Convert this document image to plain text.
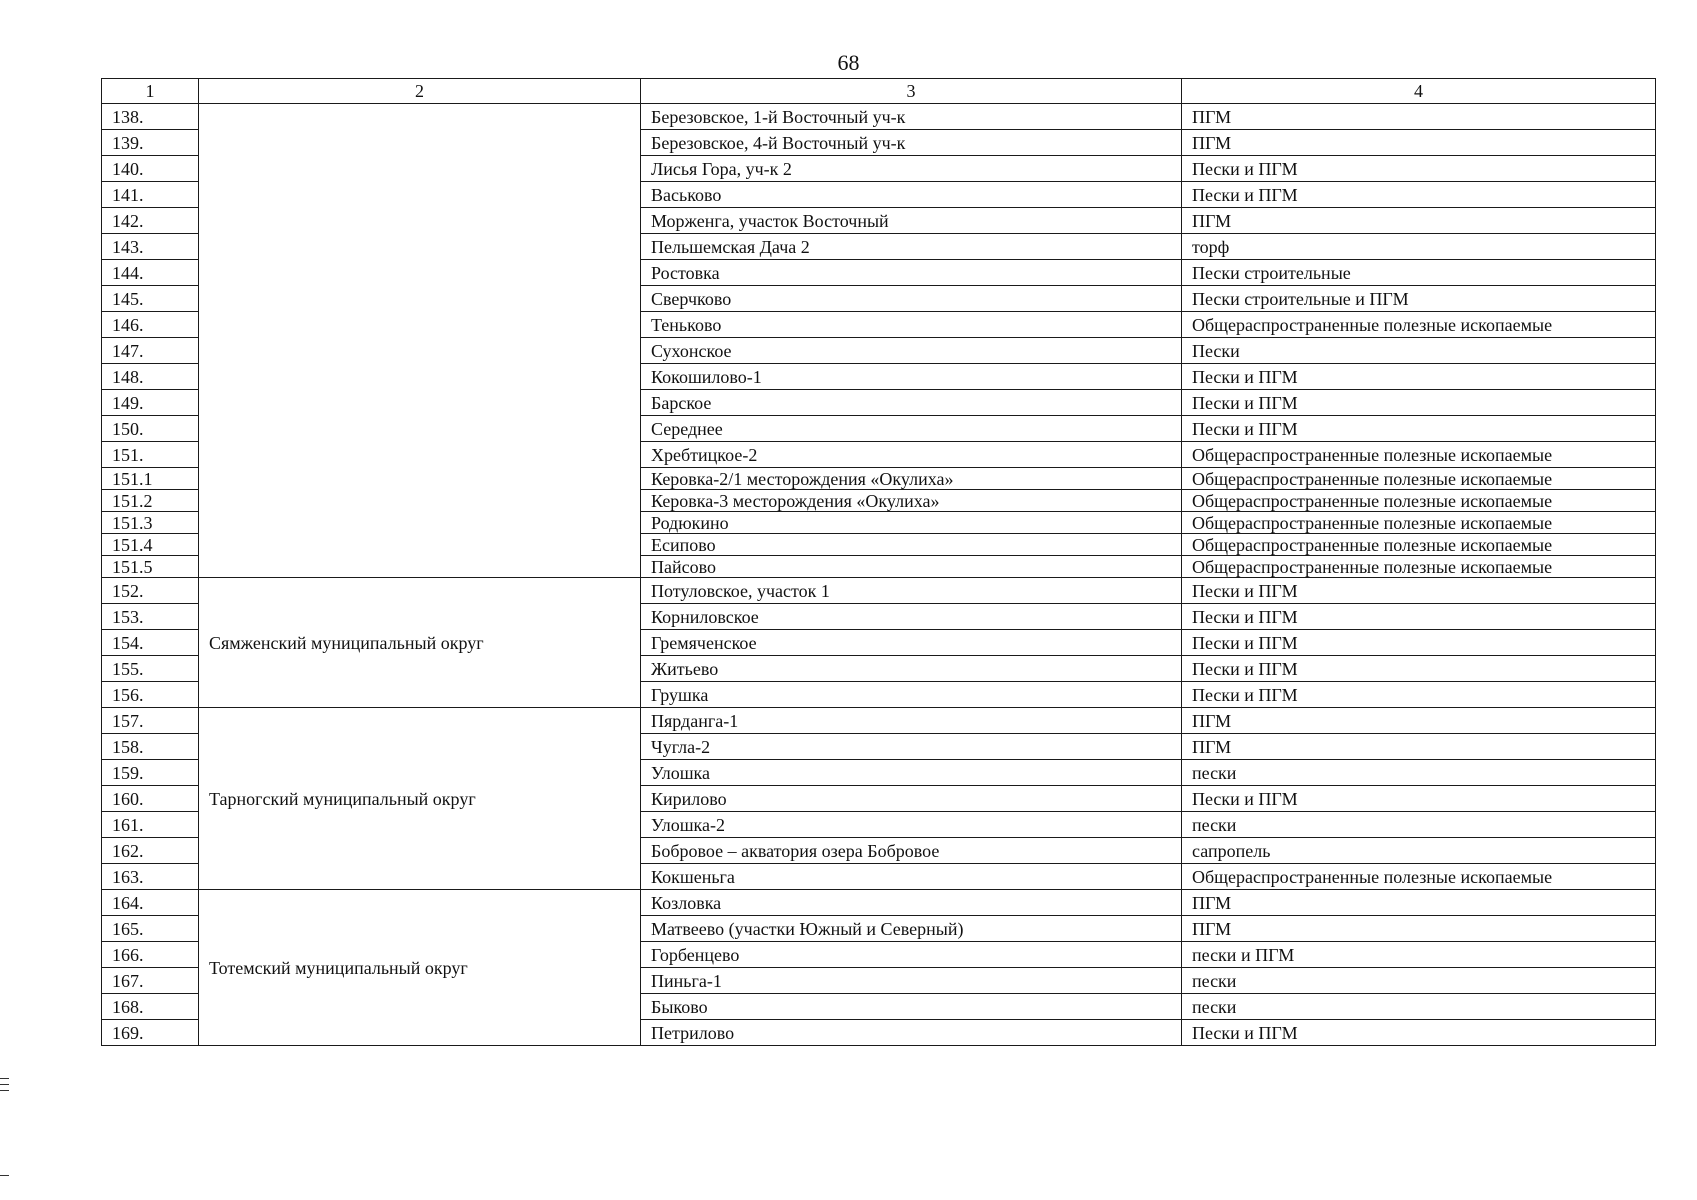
68
1	2	3	4
138.		Березовское, 1-й Восточный уч-к	ПГМ
139.		Березовское, 4-й Восточный уч-к	ПГМ
140.		Лисья Гора, уч-к 2	Пески и ПГМ
141.		Васьково	Пески и ПГМ
142.		Морженга, участок Восточный	ПГМ
143.		Пельшемская Дача 2	торф
144.		Ростовка	Пески строительные
145.		Сверчково	Пески строительные и ПГМ
146.		Теньково	Общераспространенные полезные ископаемые
147.		Сухонское	Пески
148.		Кокошилово-1	Пески и ПГМ
149.		Барское	Пески и ПГМ
150.		Середнее	Пески и ПГМ
151.		Хребтицкое-2	Общераспространенные полезные ископаемые
151.1		Керовка-2/1 месторождения «Окулиха»	Общераспространенные полезные ископаемые
151.2		Керовка-3 месторождения «Окулиха»	Общераспространенные полезные ископаемые
151.3		Родюкино	Общераспространенные полезные ископаемые
151.4		Есипово	Общераспространенные полезные ископаемые
151.5		Пайсово	Общераспространенные полезные ископаемые
152.	Сямженский муниципальный округ	Потуловское, участок 1	Пески и ПГМ
153.		Корниловское	Пески и ПГМ
154.		Гремяченское	Пески и ПГМ
155.		Житьево	Пески и ПГМ
156.		Грушка	Пески и ПГМ
157.	Тарногский муниципальный округ	Пярданга-1	ПГМ
158.		Чугла-2	ПГМ
159.		Улошка	пески
160.		Кирилово	Пески и ПГМ
161.		Улошка-2	пески
162.		Бобровое – акватория озера Бобровое	сапропель
163.		Кокшеньга	Общераспространенные полезные ископаемые
164.	Тотемский муниципальный округ	Козловка	ПГМ
165.		Матвеево (участки Южный и Северный)	ПГМ
166.		Горбенцево	пески и ПГМ
167.		Пиньга-1	пески
168.		Быково	пески
169.		Петрилово	Пески и ПГМ
